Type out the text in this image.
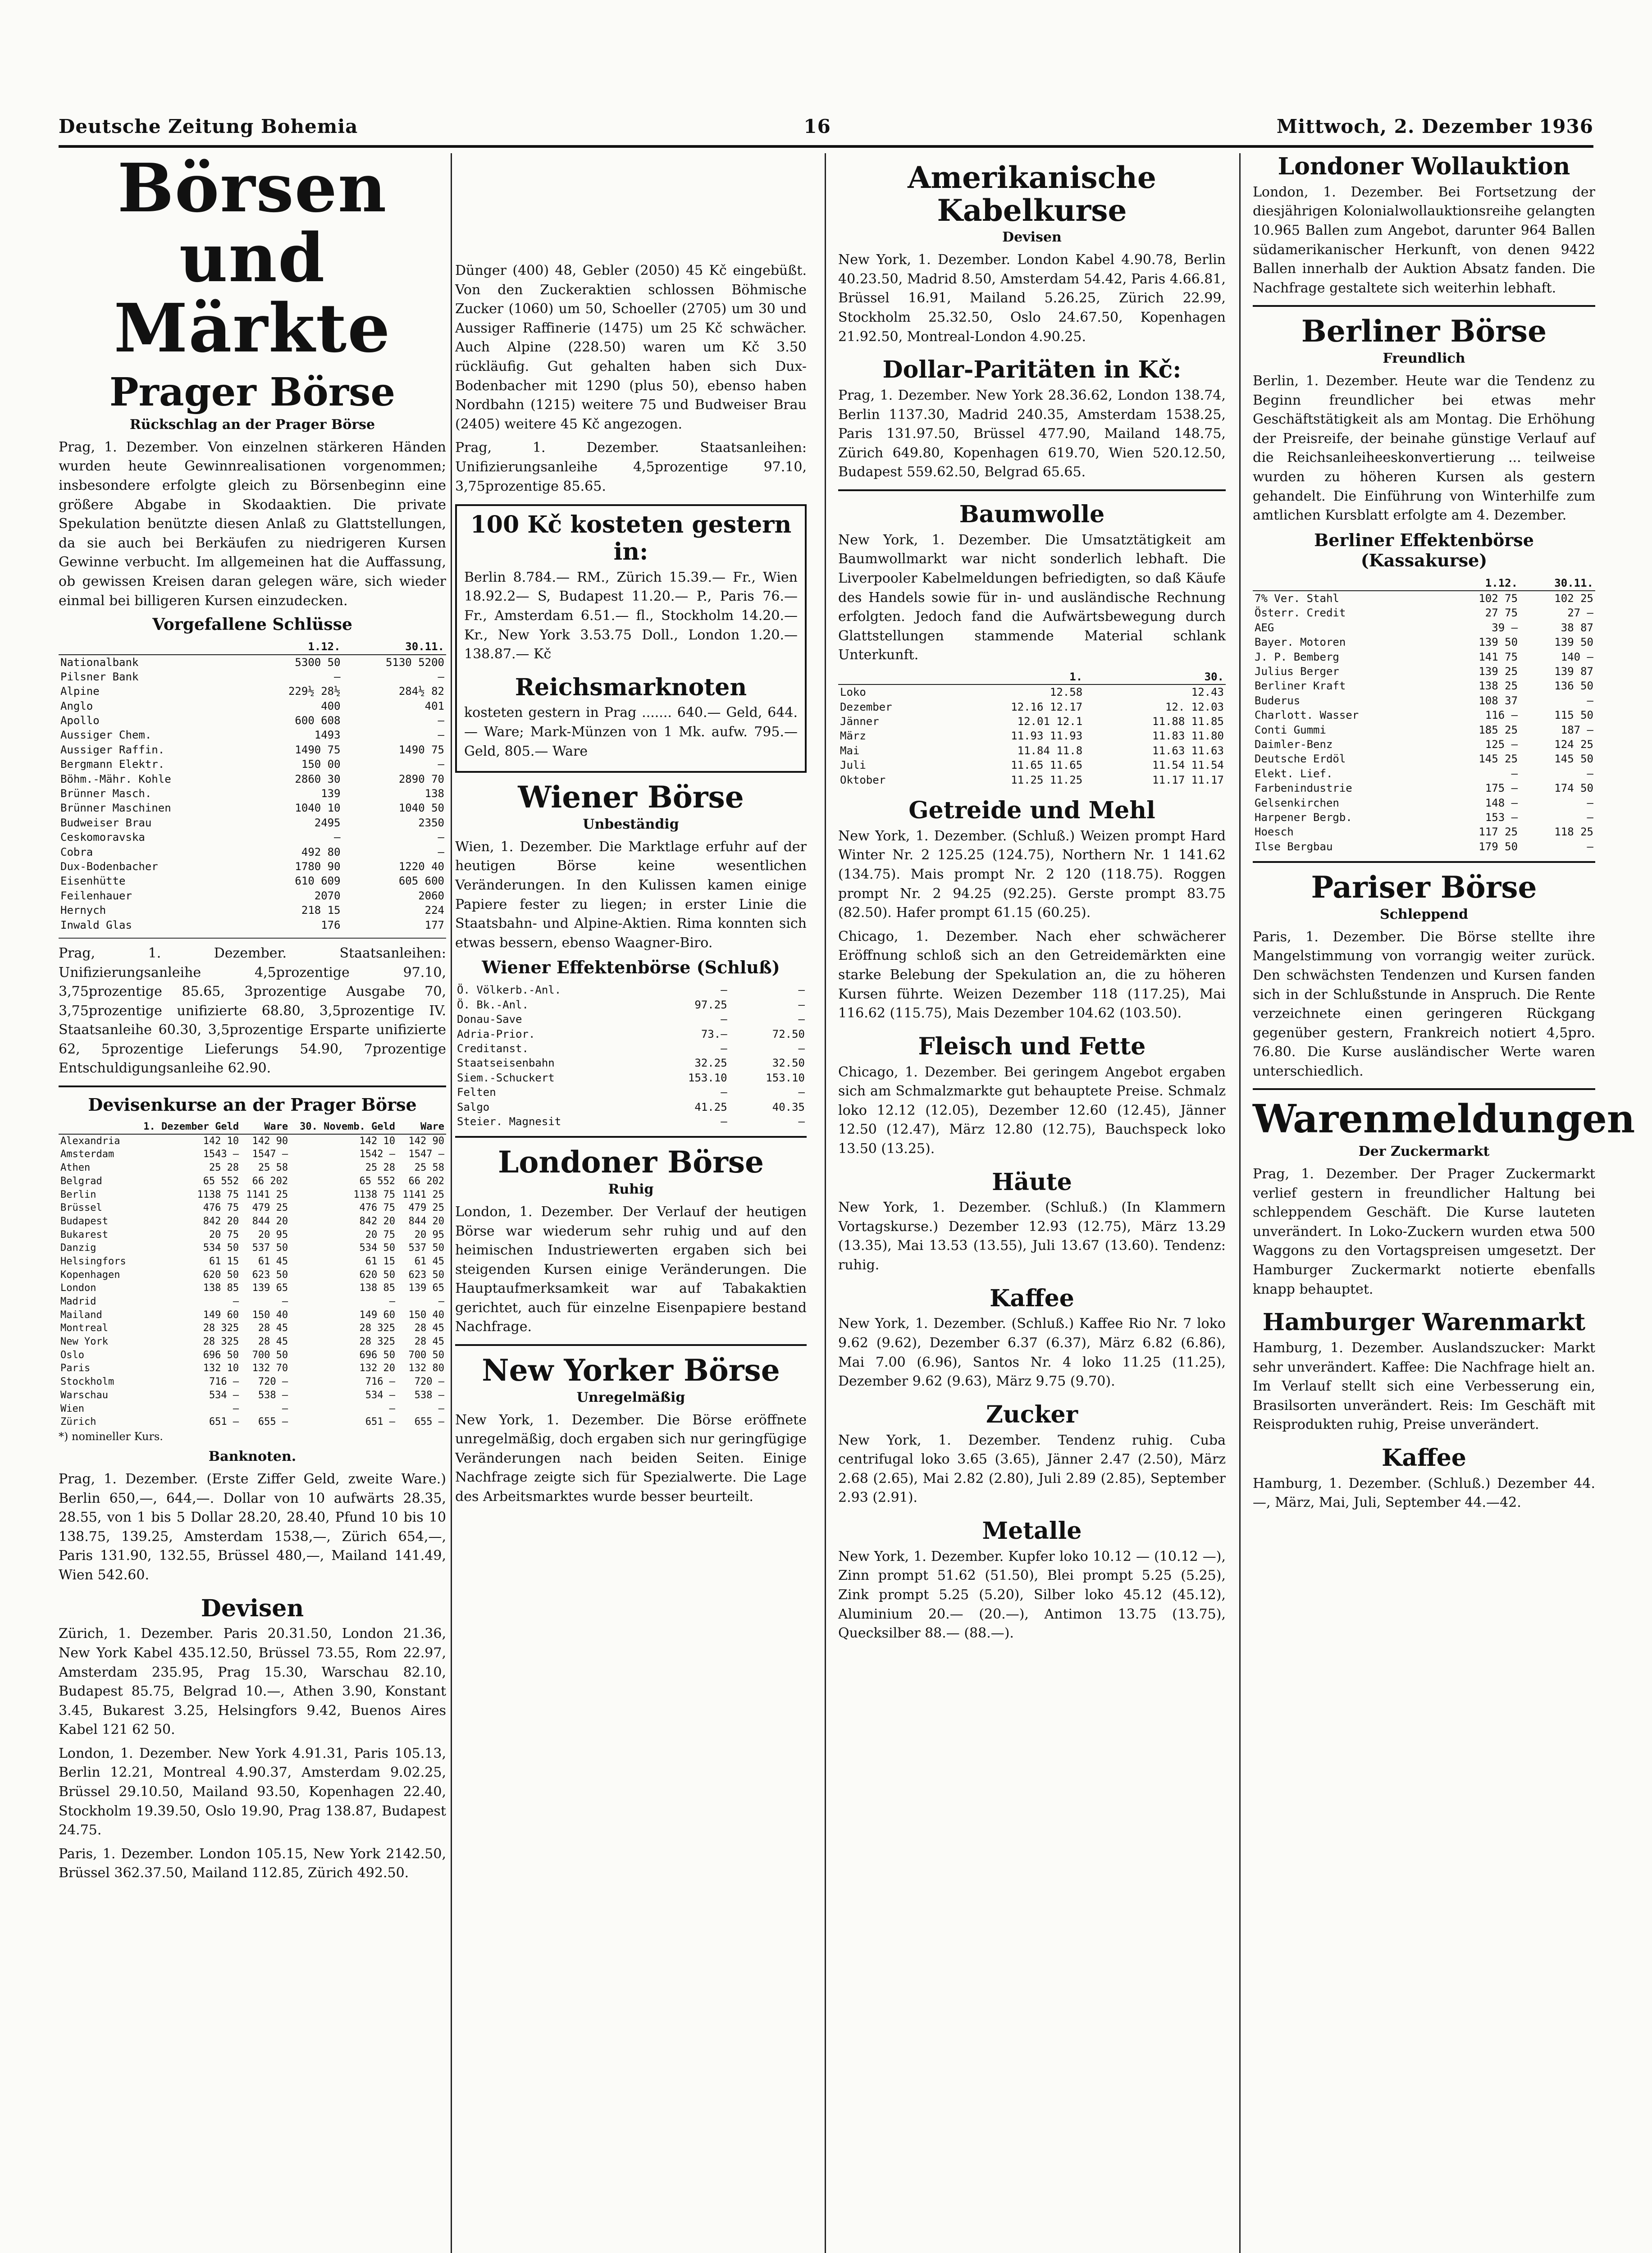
Deutsche Zeitung Bohemia	16	Mittwoch, 2. Dezember 1936
Börsen und Märkte
Prager Börse
Rückschlag an der Prager Börse

Prag, 1. Dezember. Von einzelnen stärkeren Händen wurden heute Gewinnrealisationen vorgenommen; insbesondere erfolgte gleich zu Börsenbeginn eine größere Abgabe in Skodaaktien. Die private Spekulation benützte diesen Anlaß zu Glattstellungen, da sie auch bei Berkäufen zu niedrigeren Kursen Gewinne verbucht. Im allgemeinen hat die Auffassung, ob gewissen Kreisen daran gelegen wäre, sich wieder einmal bei billigeren Kursen einzudecken.

Vorgefallene Schlüsse
	1.12.	30.11.
Nationalbank	5300 50	5130 5200
Pilsner Bank	—	—
Alpine	229½ 28½	284½ 82
Anglo	400	401
Apollo	600 608	—
Aussiger Chem.	1493	—
Aussiger Raffin.	1490 75	1490 75
Bergmann Elektr.	150 00	—
Böhm.-Mähr. Kohle	2860 30	2890 70
Brünner Masch.	139	138
Brünner Maschinen	1040 10	1040 50
Budweiser Brau	2495	2350
Ceskomoravska	—	—
Cobra	492 80	—
Dux-Bodenbacher	1780 90	1220 40
Eisenhütte	610 609	605 600
Feilenhauer	2070	2060
Hernych	218 15	224
Inwald Glas	176	177

Prag, 1. Dezember. Staatsanleihen: Unifizierungsanleihe 4,5prozentige 97.10, 3,75prozentige 85.65, 3prozentige Ausgabe 70, 3,75prozentige unifizierte 68.80, 3,5prozentige IV. Staatsanleihe 60.30, 3,5prozentige Ersparte unifizierte 62, 5prozentige Lieferungs 54.90, 7prozentige Entschuldigungsanleihe 62.90.

Devisenkurse an der Prager Börse
	1. Dezember Geld	Ware	30. Novemb. Geld	Ware
Alexandria	142 10	142 90	142 10	142 90
Amsterdam	1543 —	1547 —	1542 —	1547 —
Athen	25 28	25 58	25 28	25 58
Belgrad	65 552	66 202	65 552	66 202
Berlin	1138 75	1141 25	1138 75	1141 25
Brüssel	476 75	479 25	476 75	479 25
Budapest	842 20	844 20	842 20	844 20
Bukarest	20 75	20 95	20 75	20 95
Danzig	534 50	537 50	534 50	537 50
Helsingfors	61 15	61 45	61 15	61 45
Kopenhagen	620 50	623 50	620 50	623 50
London	138 85	139 65	138 85	139 65
Madrid	—	—	—	—
Mailand	149 60	150 40	149 60	150 40
Montreal	28 325	28 45	28 325	28 45
New York	28 325	28 45	28 325	28 45
Oslo	696 50	700 50	696 50	700 50
Paris	132 10	132 70	132 20	132 80
Stockholm	716 —	720 —	716 —	720 —
Warschau	534 —	538 —	534 —	538 —
Wien	—	—	—	—
Zürich	651 —	655 —	651 —	655 —
*) nomineller Kurs.
Banknoten.

Prag, 1. Dezember. (Erste Ziffer Geld, zweite Ware.) Berlin 650,—, 644,—. Dollar von 10 aufwärts 28.35, 28.55, von 1 bis 5 Dollar 28.20, 28.40, Pfund 10 bis 10 138.75, 139.25, Amsterdam 1538,—, Zürich 654,—, Paris 131.90, 132.55, Brüssel 480,—, Mailand 141.49, Wien 542.60.

Devisen

Zürich, 1. Dezember. Paris 20.31.50, London 21.36, New York Kabel 435.12.50, Brüssel 73.55, Rom 22.97, Amsterdam 235.95, Prag 15.30, Warschau 82.10, Budapest 85.75, Belgrad 10.—, Athen 3.90, Konstant 3.45, Bukarest 3.25, Helsingfors 9.42, Buenos Aires Kabel 121 62 50.

London, 1. Dezember. New York 4.91.31, Paris 105.13, Berlin 12.21, Montreal 4.90.37, Amsterdam 9.02.25, Brüssel 29.10.50, Mailand 93.50, Kopenhagen 22.40, Stockholm 19.39.50, Oslo 19.90, Prag 138.87, Budapest 24.75.

Paris, 1. Dezember. London 105.15, New York 2142.50, Brüssel 362.37.50, Mailand 112.85, Zürich 492.50.

Dünger (400) 48, Gebler (2050) 45 Kč eingebüßt. Von den Zuckeraktien schlossen Böhmische Zucker (1060) um 50, Schoeller (2705) um 30 und Aussiger Raffinerie (1475) um 25 Kč schwächer. Auch Alpine (228.50) waren um Kč 3.50 rückläufig. Gut gehalten haben sich Dux-Bodenbacher mit 1290 (plus 50), ebenso haben Nordbahn (1215) weitere 75 und Budweiser Brau (2405) weitere 45 Kč angezogen.

Prag, 1. Dezember. Staatsanleihen: Unifizierungsanleihe 4,5prozentige 97.10, 3,75prozentige 85.65.

100 Kč kosteten gestern in:

Berlin 8.784.— RM., Zürich 15.39.— Fr., Wien 18.92.2— S, Budapest 11.20.— P., Paris 76.— Fr., Amsterdam 6.51.— fl., Stockholm 14.20.— Kr., New York 3.53.75 Doll., London 1.20.— 138.87.— Kč

Reichsmarknoten

kosteten gestern in Prag ....... 640.— Geld, 644.— Ware; Mark-Münzen von 1 Mk. aufw. 795.— Geld, 805.— Ware

Wiener Börse
Unbeständig

Wien, 1. Dezember. Die Marktlage erfuhr auf der heutigen Börse keine wesentlichen Veränderungen. In den Kulissen kamen einige Papiere fester zu liegen; in erster Linie die Staatsbahn- und Alpine-Aktien. Rima konnten sich etwas bessern, ebenso Waagner-Biro.

Wiener Effektenbörse (Schluß)
Ö. Völkerb.-Anl.	—	—
Ö. Bk.-Anl.	97.25	—
Donau-Save	—	—
Adria-Prior.	73.—	72.50
Creditanst.	—	—
Staatseisenbahn	32.25	32.50
Siem.-Schuckert	153.10	153.10
Felten	—	—
Salgo	41.25	40.35
Steier. Magnesit	—	—
Londoner Börse
Ruhig

London, 1. Dezember. Der Verlauf der heutigen Börse war wiederum sehr ruhig und auf den heimischen Industriewerten ergaben sich bei steigenden Kursen einige Veränderungen. Die Hauptaufmerksamkeit war auf Tabakaktien gerichtet, auch für einzelne Eisenpapiere bestand Nachfrage.

New Yorker Börse
Unregelmäßig

New York, 1. Dezember. Die Börse eröffnete unregelmäßig, doch ergaben sich nur geringfügige Veränderungen nach beiden Seiten. Einige Nachfrage zeigte sich für Spezialwerte. Die Lage des Arbeitsmarktes wurde besser beurteilt.

Amerikanische Kabelkurse
Devisen

New York, 1. Dezember. London Kabel 4.90.78, Berlin 40.23.50, Madrid 8.50, Amsterdam 54.42, Paris 4.66.81, Brüssel 16.91, Mailand 5.26.25, Zürich 22.99, Stockholm 25.32.50, Oslo 24.67.50, Kopenhagen 21.92.50, Montreal-London 4.90.25.

Dollar-Paritäten in Kč:

Prag, 1. Dezember. New York 28.36.62, London 138.74, Berlin 1137.30, Madrid 240.35, Amsterdam 1538.25, Paris 131.97.50, Brüssel 477.90, Mailand 148.75, Zürich 649.80, Kopenhagen 619.70, Wien 520.12.50, Budapest 559.62.50, Belgrad 65.65.

Baumwolle

New York, 1. Dezember. Die Umsatztätigkeit am Baumwollmarkt war nicht sonderlich lebhaft. Die Liverpooler Kabelmeldungen befriedigten, so daß Käufe des Handels sowie für in- und ausländische Rechnung erfolgten. Jedoch fand die Aufwärtsbewegung durch Glattstellungen stammende Material schlank Unterkunft.

	1.	30.
Loko	12.58	12.43
Dezember	12.16 12.17	12. 12.03
Jänner	12.01 12.1	11.88 11.85
März	11.93 11.93	11.83 11.80
Mai	11.84 11.8	11.63 11.63
Juli	11.65 11.65	11.54 11.54
Oktober	11.25 11.25	11.17 11.17
Getreide und Mehl

New York, 1. Dezember. (Schluß.) Weizen prompt Hard Winter Nr. 2 125.25 (124.75), Northern Nr. 1 141.62 (134.75). Mais prompt Nr. 2 120 (118.75). Roggen prompt Nr. 2 94.25 (92.25). Gerste prompt 83.75 (82.50). Hafer prompt 61.15 (60.25).

Chicago, 1. Dezember. Nach eher schwächerer Eröffnung schloß sich an den Getreidemärkten eine starke Belebung der Spekulation an, die zu höheren Kursen führte. Weizen Dezember 118 (117.25), Mai 116.62 (115.75), Mais Dezember 104.62 (103.50).

Fleisch und Fette

Chicago, 1. Dezember. Bei geringem Angebot ergaben sich am Schmalzmarkte gut behauptete Preise. Schmalz loko 12.12 (12.05), Dezember 12.60 (12.45), Jänner 12.50 (12.47), März 12.80 (12.75), Bauchspeck loko 13.50 (13.25).

Häute

New York, 1. Dezember. (Schluß.) (In Klammern Vortagskurse.) Dezember 12.93 (12.75), März 13.29 (13.35), Mai 13.53 (13.55), Juli 13.67 (13.60). Tendenz: ruhig.

Kaffee

New York, 1. Dezember. (Schluß.) Kaffee Rio Nr. 7 loko 9.62 (9.62), Dezember 6.37 (6.37), März 6.82 (6.86), Mai 7.00 (6.96), Santos Nr. 4 loko 11.25 (11.25), Dezember 9.62 (9.63), März 9.75 (9.70).

Zucker

New York, 1. Dezember. Tendenz ruhig. Cuba centrifugal loko 3.65 (3.65), Jänner 2.47 (2.50), März 2.68 (2.65), Mai 2.82 (2.80), Juli 2.89 (2.85), September 2.93 (2.91).

Metalle

New York, 1. Dezember. Kupfer loko 10.12 — (10.12 —), Zinn prompt 51.62 (51.50), Blei prompt 5.25 (5.25), Zink prompt 5.25 (5.20), Silber loko 45.12 (45.12), Aluminium 20.— (20.—), Antimon 13.75 (13.75), Quecksilber 88.— (88.—).

Londoner Wollauktion

London, 1. Dezember. Bei Fortsetzung der diesjährigen Kolonialwollauktionsreihe gelangten 10.965 Ballen zum Angebot, darunter 964 Ballen südamerikanischer Herkunft, von denen 9422 Ballen innerhalb der Auktion Absatz fanden. Die Nachfrage gestaltete sich weiterhin lebhaft.

Berliner Börse
Freundlich

Berlin, 1. Dezember. Heute war die Tendenz zu Beginn freundlicher bei etwas mehr Geschäftstätigkeit als am Montag. Die Erhöhung der Preisreife, der beinahe günstige Verlauf auf die Reichsanleiheeskonvertierung ... teilweise wurden zu höheren Kursen als gestern gehandelt. Die Einführung von Winterhilfe zum amtlichen Kursblatt erfolgte am 4. Dezember.

Berliner Effektenbörse (Kassakurse)
	1.12.	30.11.
7% Ver. Stahl	102 75	102 25
Österr. Credit	27 75	27 —
AEG	39 —	38 87
Bayer. Motoren	139 50	139 50
J. P. Bemberg	141 75	140 —
Julius Berger	139 25	139 87
Berliner Kraft	138 25	136 50
Buderus	108 37	—
Charlott. Wasser	116 —	115 50
Conti Gummi	185 25	187 —
Daimler-Benz	125 —	124 25
Deutsche Erdöl	145 25	145 50
Elekt. Lief.	—	—
Farbenindustrie	175 —	174 50
Gelsenkirchen	148 —	—
Harpener Bergb.	153 —	—
Hoesch	117 25	118 25
Ilse Bergbau	179 50	—
Pariser Börse
Schleppend

Paris, 1. Dezember. Die Börse stellte ihre Mangelstimmung von vorrangig weiter zurück. Den schwächsten Tendenzen und Kursen fanden sich in der Schlußstunde in Anspruch. Die Rente verzeichnete einen geringeren Rückgang gegenüber gestern, Frankreich notiert 4,5pro. 76.80. Die Kurse ausländischer Werte waren unterschiedlich.

Warenmeldungen
Der Zuckermarkt

Prag, 1. Dezember. Der Prager Zuckermarkt verlief gestern in freundlicher Haltung bei schleppendem Geschäft. Die Kurse lauteten unverändert. In Loko-Zuckern wurden etwa 500 Waggons zu den Vortagspreisen umgesetzt. Der Hamburger Zuckermarkt notierte ebenfalls knapp behauptet.

Hamburger Warenmarkt

Hamburg, 1. Dezember. Auslandszucker: Markt sehr unverändert. Kaffee: Die Nachfrage hielt an. Im Verlauf stellt sich eine Verbesserung ein, Brasilsorten unverändert. Reis: Im Geschäft mit Reisprodukten ruhig, Preise unverändert.

Kaffee

Hamburg, 1. Dezember. (Schluß.) Dezember 44.—, März, Mai, Juli, September 44.—42.
